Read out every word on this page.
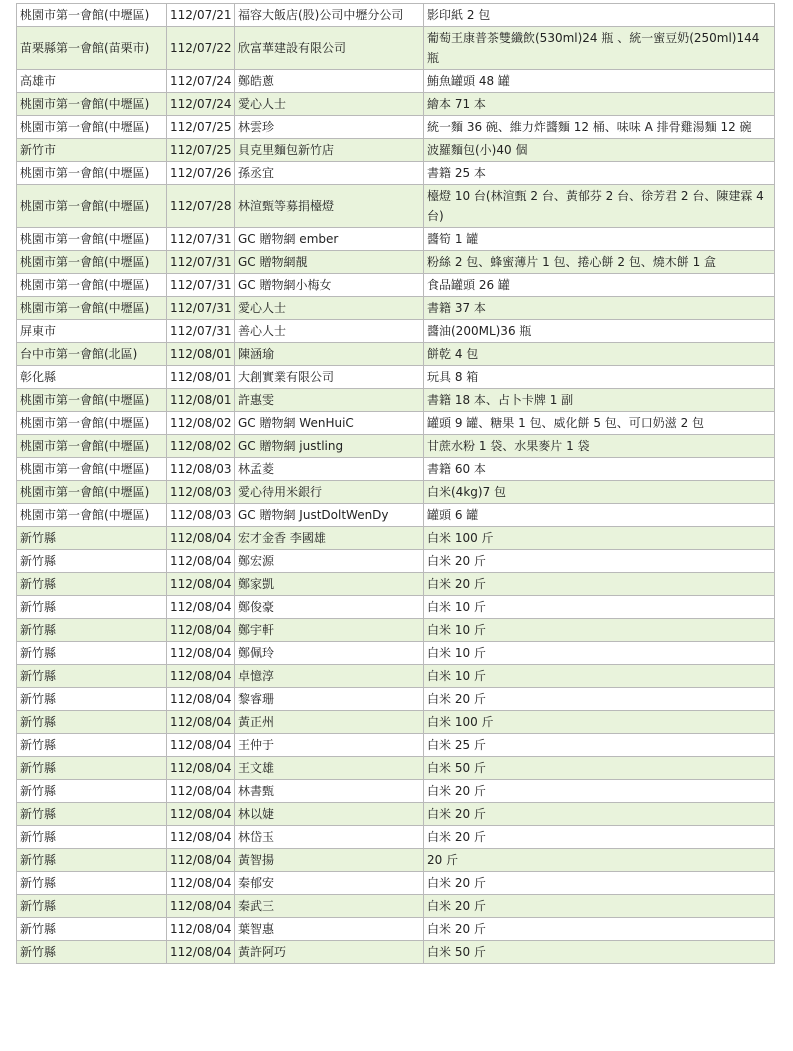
桃園市第一會館(中壢區)	112/07/21	福容大飯店(股)公司中壢分公司	影印紙 2 包
苗栗縣第一會館(苗栗市)	112/07/22	欣富華建設有限公司	葡萄王康普茶雙纖飲(530ml)24 瓶 、統一蜜豆奶(250ml)144 瓶
高雄市	112/07/24	鄭皓蔥	鮪魚罐頭 48 罐
桃園市第一會館(中壢區)	112/07/24	愛心人士	繪本 71 本
桃園市第一會館(中壢區)	112/07/25	林雲珍	統一麵 36 碗、維力炸醬麵 12 桶、味味 A 排骨雞湯麵 12 碗
新竹市	112/07/25	貝克里麵包新竹店	波羅麵包(小)40 個
桃園市第一會館(中壢區)	112/07/26	孫丞宜	書籍 25 本
桃園市第一會館(中壢區)	112/07/28	林渲甄等募捐檯燈	檯燈 10 台(林渲甄 2 台、黃郁芬 2 台、徐芳君 2 台、陳建霖 4 台)
桃園市第一會館(中壢區)	112/07/31	GC 贈物網 ember	醬筍 1 罐
桃園市第一會館(中壢區)	112/07/31	GC 贈物網靚	粉絲 2 包、蜂蜜薄片 1 包、捲心餅 2 包、燒木餅 1 盒
桃園市第一會館(中壢區)	112/07/31	GC 贈物網小梅女	食品罐頭 26 罐
桃園市第一會館(中壢區)	112/07/31	愛心人士	書籍 37 本
屏東市	112/07/31	善心人士	醬油(200ML)36 瓶
台中市第一會館(北區)	112/08/01	陳涵瑜	餅乾 4 包
彰化縣	112/08/01	大創實業有限公司	玩具 8 箱
桃園市第一會館(中壢區)	112/08/01	許惠雯	書籍 18 本、占卜卡牌 1 副
桃園市第一會館(中壢區)	112/08/02	GC 贈物網 WenHuiC	罐頭 9 罐、糖果 1 包、威化餅 5 包、可口奶滋 2 包
桃園市第一會館(中壢區)	112/08/02	GC 贈物網 justling	甘蔗水粉 1 袋、水果麥片 1 袋
桃園市第一會館(中壢區)	112/08/03	林孟菱	書籍 60 本
桃園市第一會館(中壢區)	112/08/03	愛心待用米銀行	白米(4kg)7 包
桃園市第一會館(中壢區)	112/08/03	GC 贈物網 JustDoltWenDy	罐頭 6 罐
新竹縣	112/08/04	宏才金香 李國雄	白米 100 斤
新竹縣	112/08/04	鄭宏源	白米 20 斤
新竹縣	112/08/04	鄭家凱	白米 20 斤
新竹縣	112/08/04	鄭俊豪	白米 10 斤
新竹縣	112/08/04	鄭宇軒	白米 10 斤
新竹縣	112/08/04	鄭佩玲	白米 10 斤
新竹縣	112/08/04	卓憶淳	白米 10 斤
新竹縣	112/08/04	黎睿珊	白米 20 斤
新竹縣	112/08/04	黃正州	白米 100 斤
新竹縣	112/08/04	王仲于	白米 25 斤
新竹縣	112/08/04	王文雄	白米 50 斤
新竹縣	112/08/04	林書甄	白米 20 斤
新竹縣	112/08/04	林以婕	白米 20 斤
新竹縣	112/08/04	林岱玉	白米 20 斤
新竹縣	112/08/04	黃智揚	20 斤
新竹縣	112/08/04	秦郁安	白米 20 斤
新竹縣	112/08/04	秦武三	白米 20 斤
新竹縣	112/08/04	葉智惠	白米 20 斤
新竹縣	112/08/04	黃許阿巧	白米 50 斤
